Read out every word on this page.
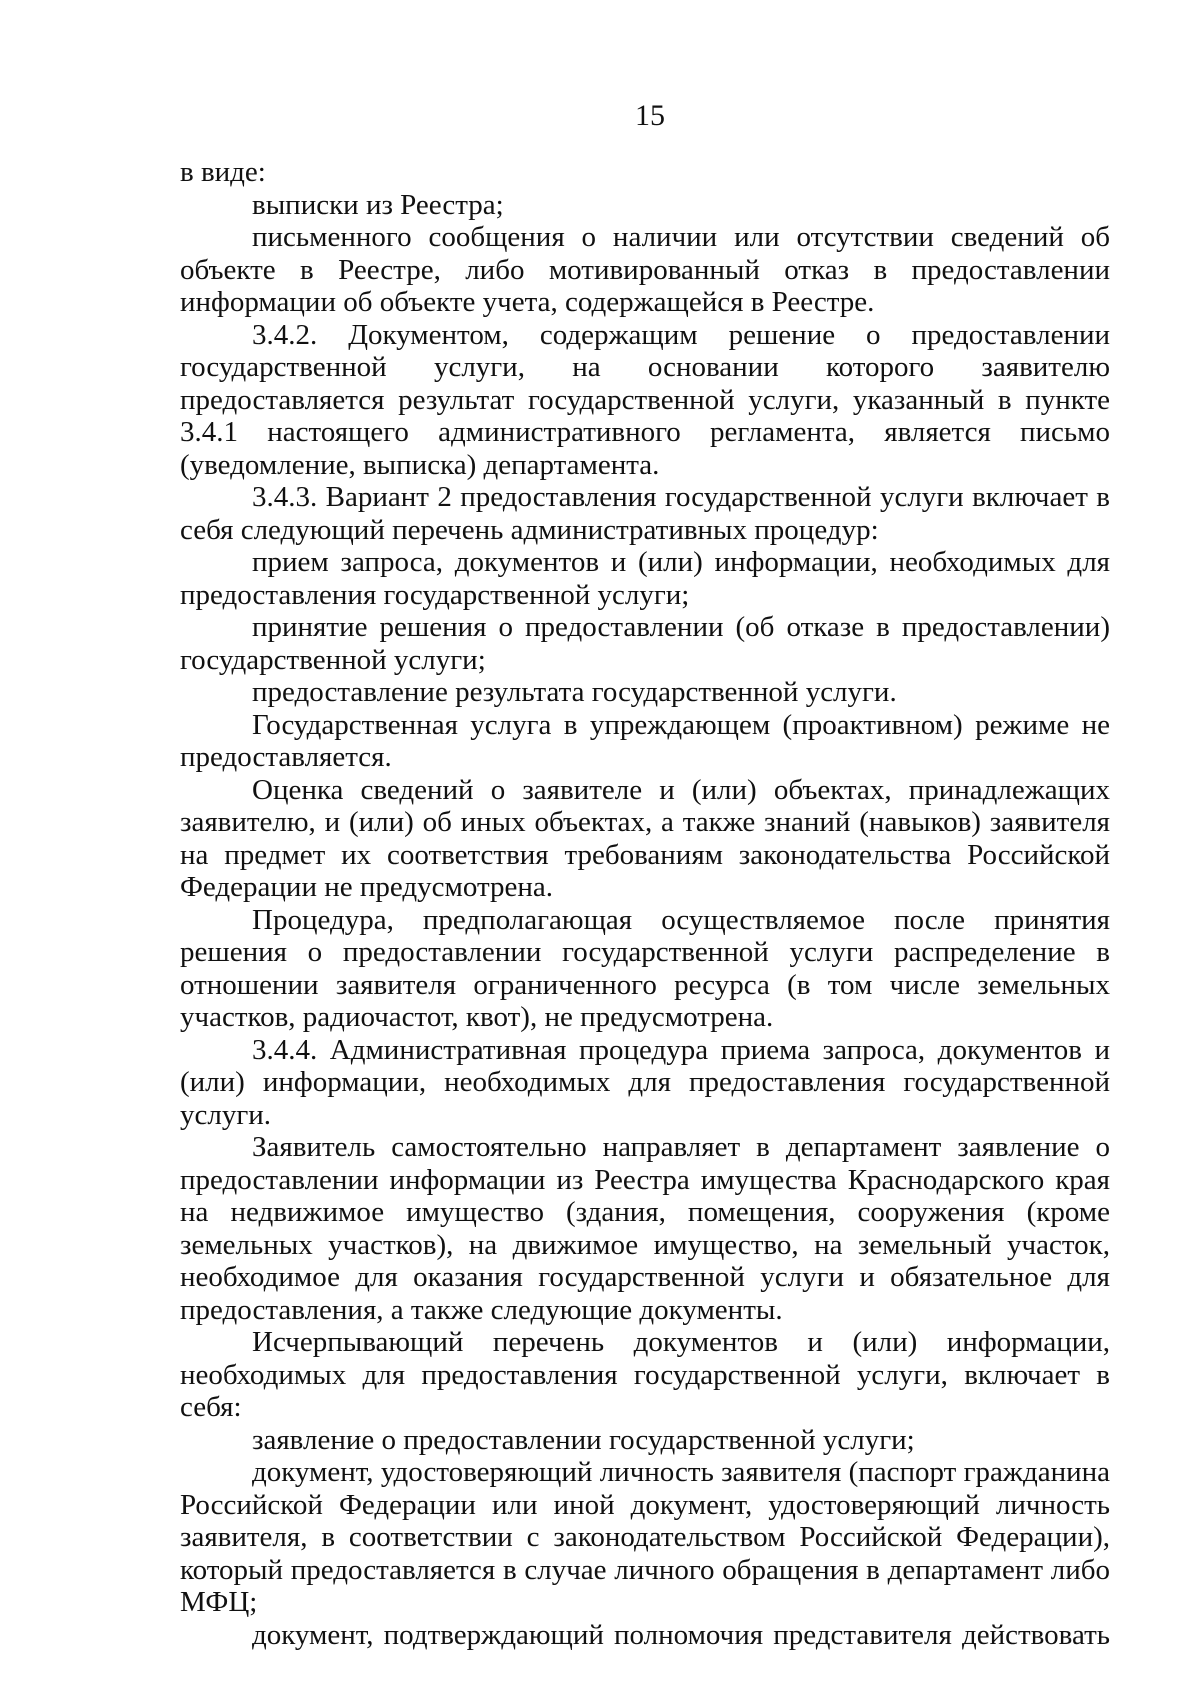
15

в виде:

выписки из Реестра;

письменного сообщения о наличии или отсутствии сведений об объекте в Реестре, либо мотивированный отказ в предоставлении информации об объекте учета, содержащейся в Реестре.

3.4.2. Документом, содержащим решение о предоставлении государственной услуги, на основании которого заявителю предоставляется результат государственной услуги, указанный в пункте 3.4.1 настоящего административного регламента, является письмо (уведомление, выписка) департамента.

3.4.3. Вариант 2 предоставления государственной услуги включает в себя следующий перечень административных процедур:

прием запроса, документов и (или) информации, необходимых для предоставления государственной услуги;

принятие решения о предоставлении (об отказе в предоставлении) государственной услуги;

предоставление результата государственной услуги.

Государственная услуга в упреждающем (проактивном) режиме не предоставляется.

Оценка сведений о заявителе и (или) объектах, принадлежащих заявителю, и (или) об иных объектах, а также знаний (навыков) заявителя на предмет их соответствия требованиям законодательства Российской Федерации не предусмотрена.

Процедура, предполагающая осуществляемое после принятия решения о предоставлении государственной услуги распределение в отношении заявителя ограниченного ресурса (в том числе земельных участков, радиочастот, квот), не предусмотрена.

3.4.4. Административная процедура приема запроса, документов и (или) информации, необходимых для предоставления государственной услуги.

Заявитель самостоятельно направляет в департамент заявление о предоставлении информации из Реестра имущества Краснодарского края на недвижимое имущество (здания, помещения, сооружения (кроме земельных участков), на движимое имущество, на земельный участок, необходимое для оказания государственной услуги и обязательное для предоставления, а также следующие документы.

Исчерпывающий перечень документов и (или) информации, необходимых для предоставления государственной услуги, включает в себя:

заявление о предоставлении государственной услуги;

документ, удостоверяющий личность заявителя (паспорт гражданина Российской Федерации или иной документ, удостоверяющий личность заявителя, в соответствии с законодательством Российской Федерации), который предоставляется в случае личного обращения в департамент либо МФЦ;

документ, подтверждающий полномочия представителя действовать
